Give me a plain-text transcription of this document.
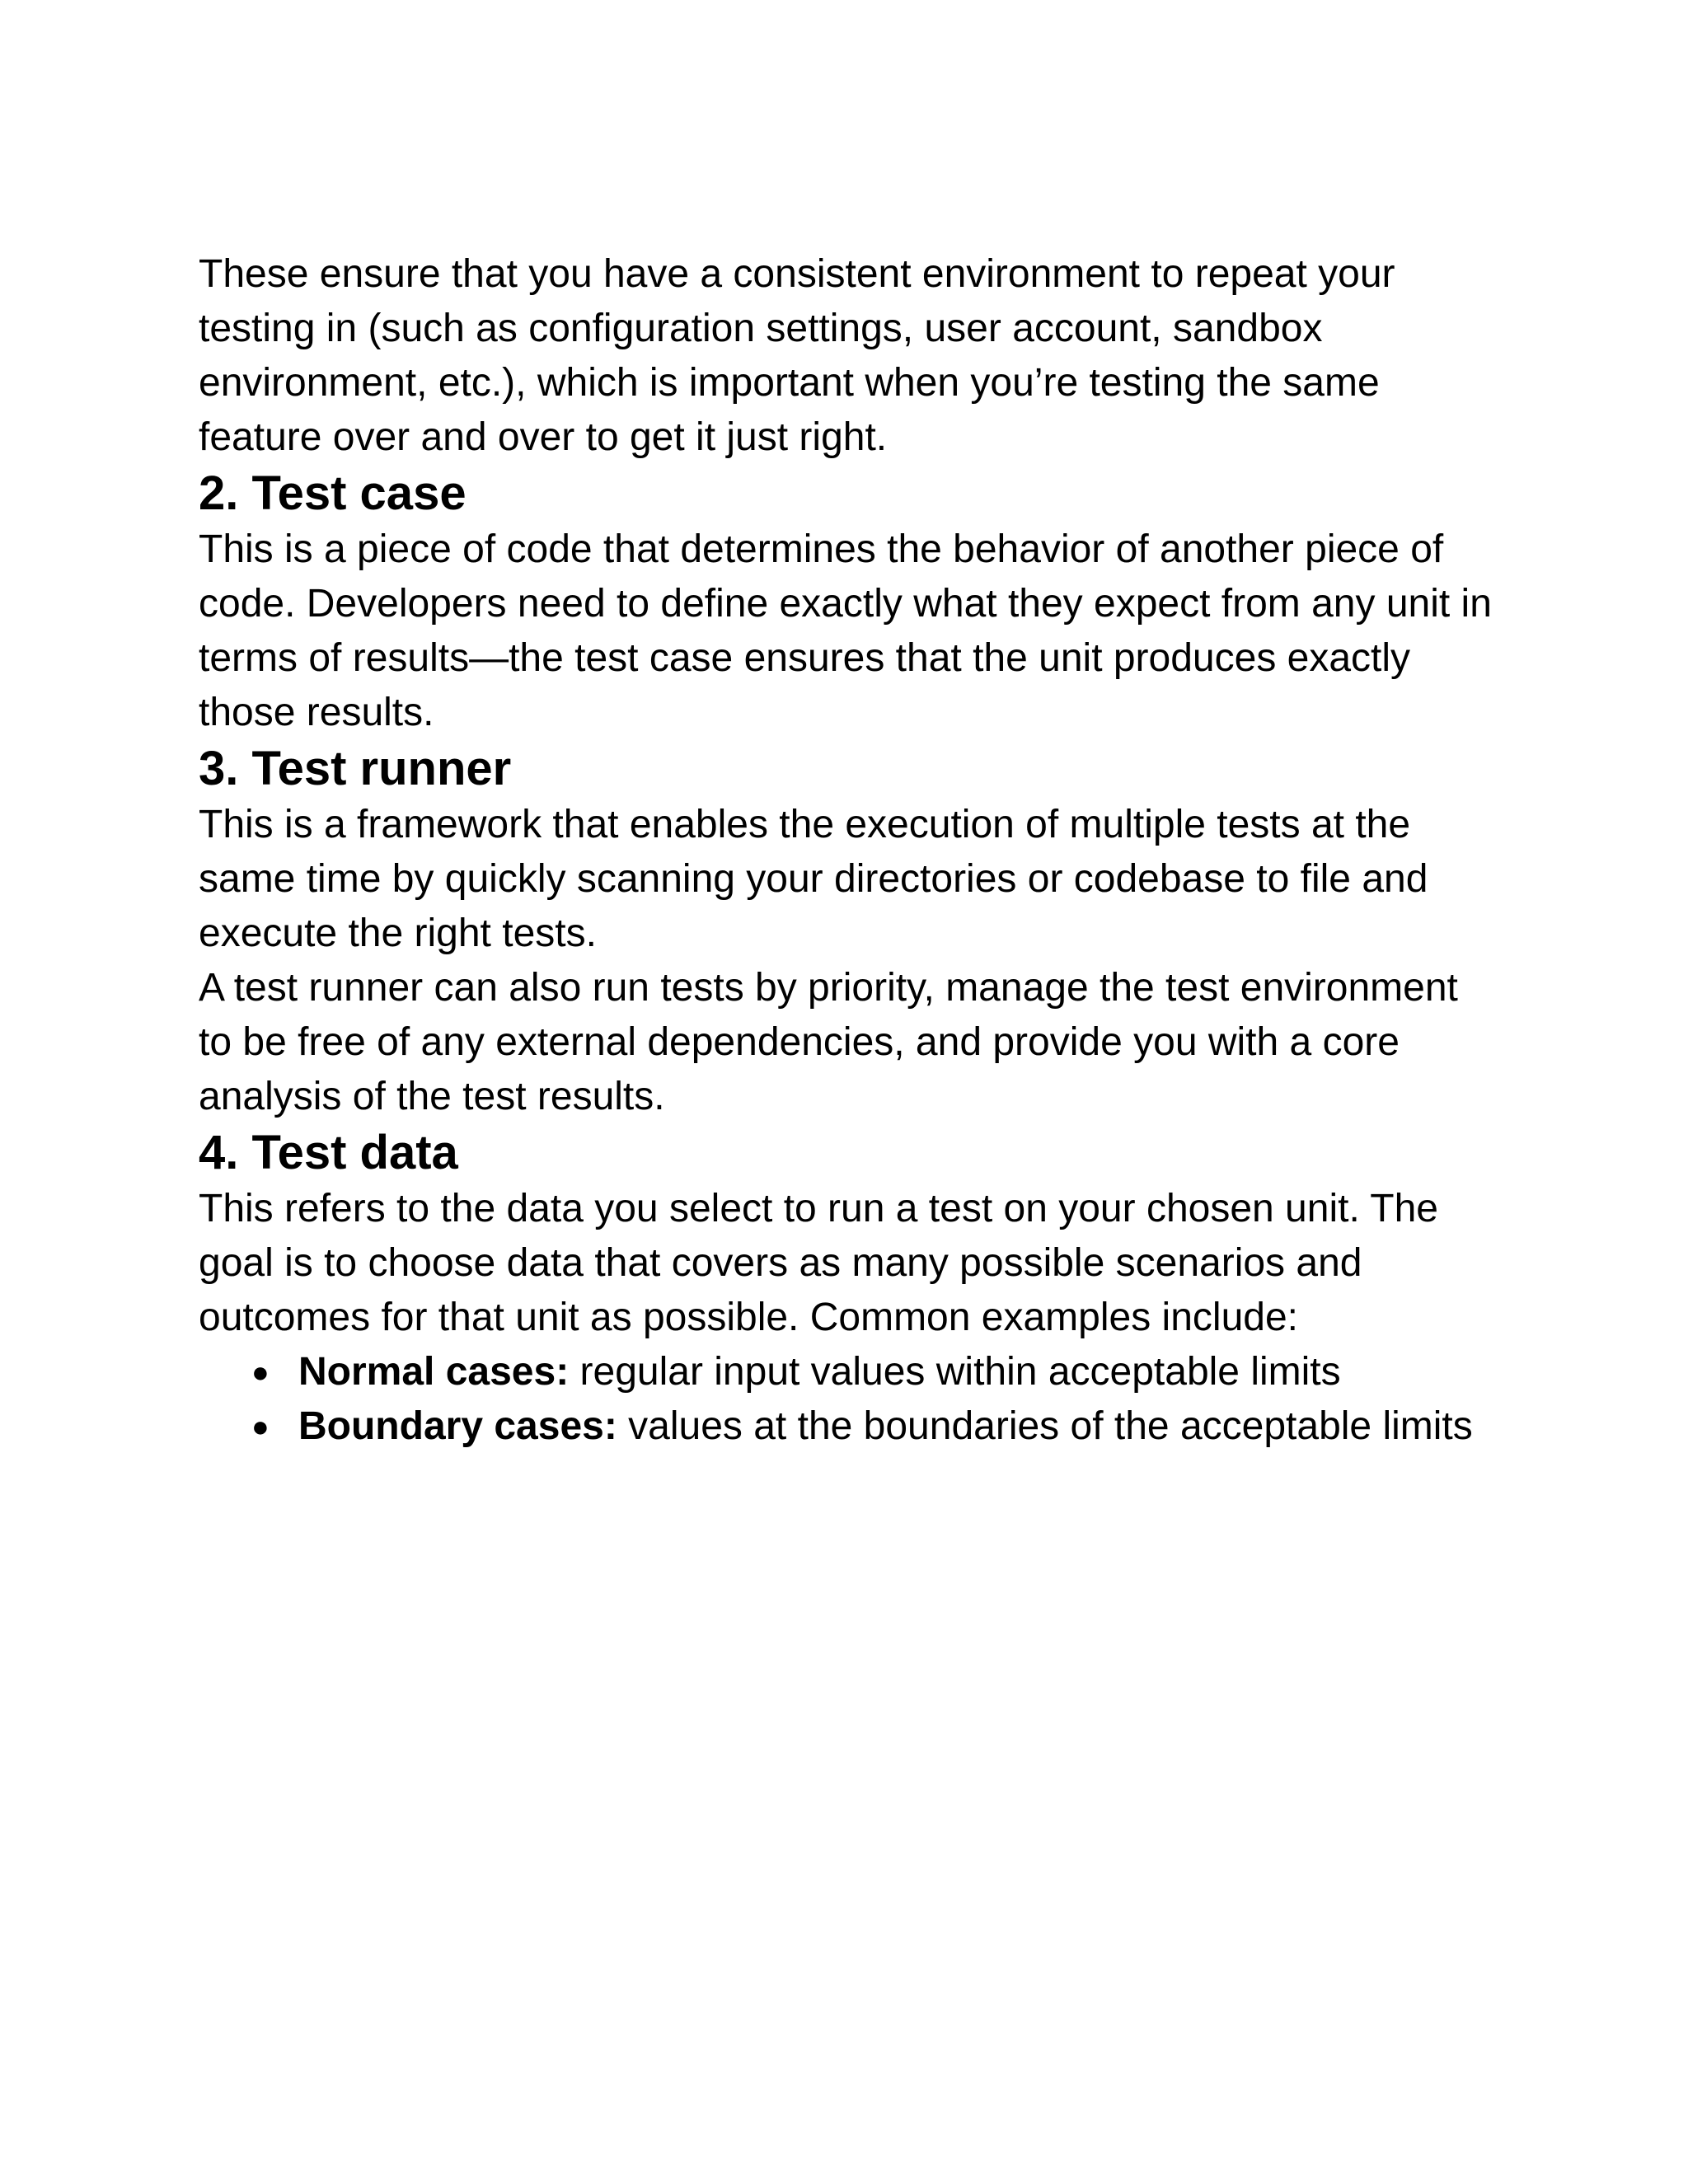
These ensure that you have a consistent environment to repeat your testing in (such as configuration settings, user account, sandbox environment, etc.), which is important when you’re testing the same feature over and over to get it just right.

2. Test case

This is a piece of code that determines the behavior of another piece of code. Developers need to define exactly what they expect from any unit in terms of results—the test case ensures that the unit produces exactly those results.

3. Test runner

This is a framework that enables the execution of multiple tests at the same time by quickly scanning your directories or codebase to file and execute the right tests.

A test runner can also run tests by priority, manage the test environment to be free of any external dependencies, and provide you with a core analysis of the test results.

4. Test data

This refers to the data you select to run a test on your chosen unit. The goal is to choose data that covers as many possible scenarios and outcomes for that unit as possible. Common examples include:

● Normal cases: regular input values within acceptable limits
● Boundary cases: values at the boundaries of the acceptable limits
